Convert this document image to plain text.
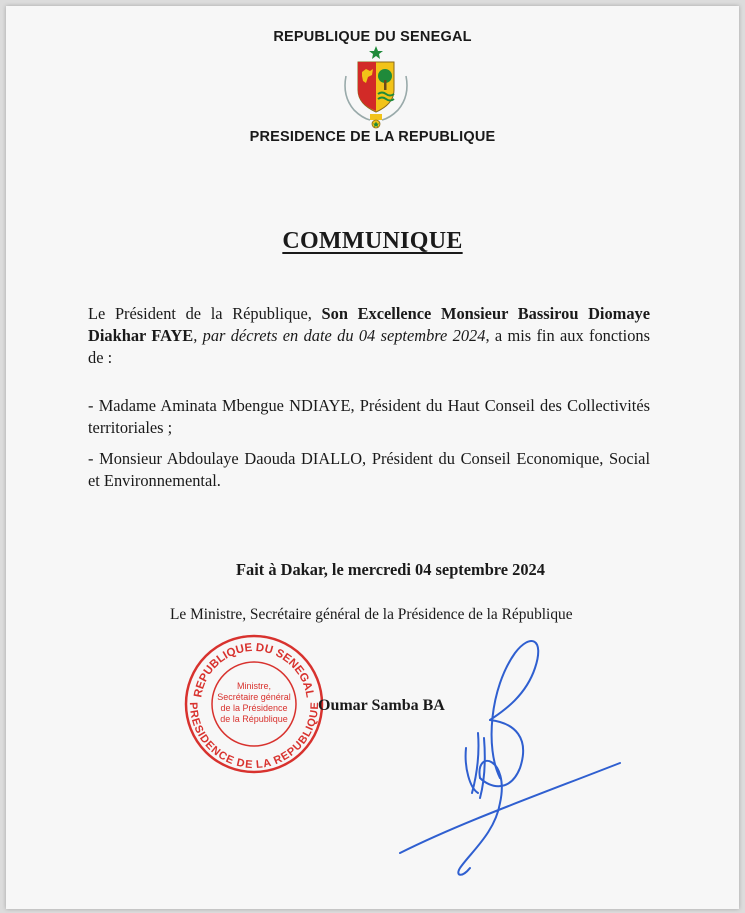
REPUBLIQUE DU SENEGAL
PRESIDENCE DE LA REPUBLIQUE
COMMUNIQUE
Le Président de la République, Son Excellence Monsieur Bassirou Diomaye Diakhar FAYE, par décrets en date du 04 septembre 2024, a mis fin aux fonctions de :
- Madame Aminata Mbengue NDIAYE, Président du Haut Conseil des Collectivités territoriales ;
- Monsieur Abdoulaye Daouda DIALLO, Président du Conseil Economique, Social et Environnemental.
Fait à Dakar, le mercredi 04 septembre 2024
Le Ministre, Secrétaire général de la Présidence de la République
REPUBLIQUE DU SENEGAL
PRESIDENCE DE LA REPUBLIQUE
Ministre,
Secrétaire général
de la Présidence
de la République
Oumar Samba BA
